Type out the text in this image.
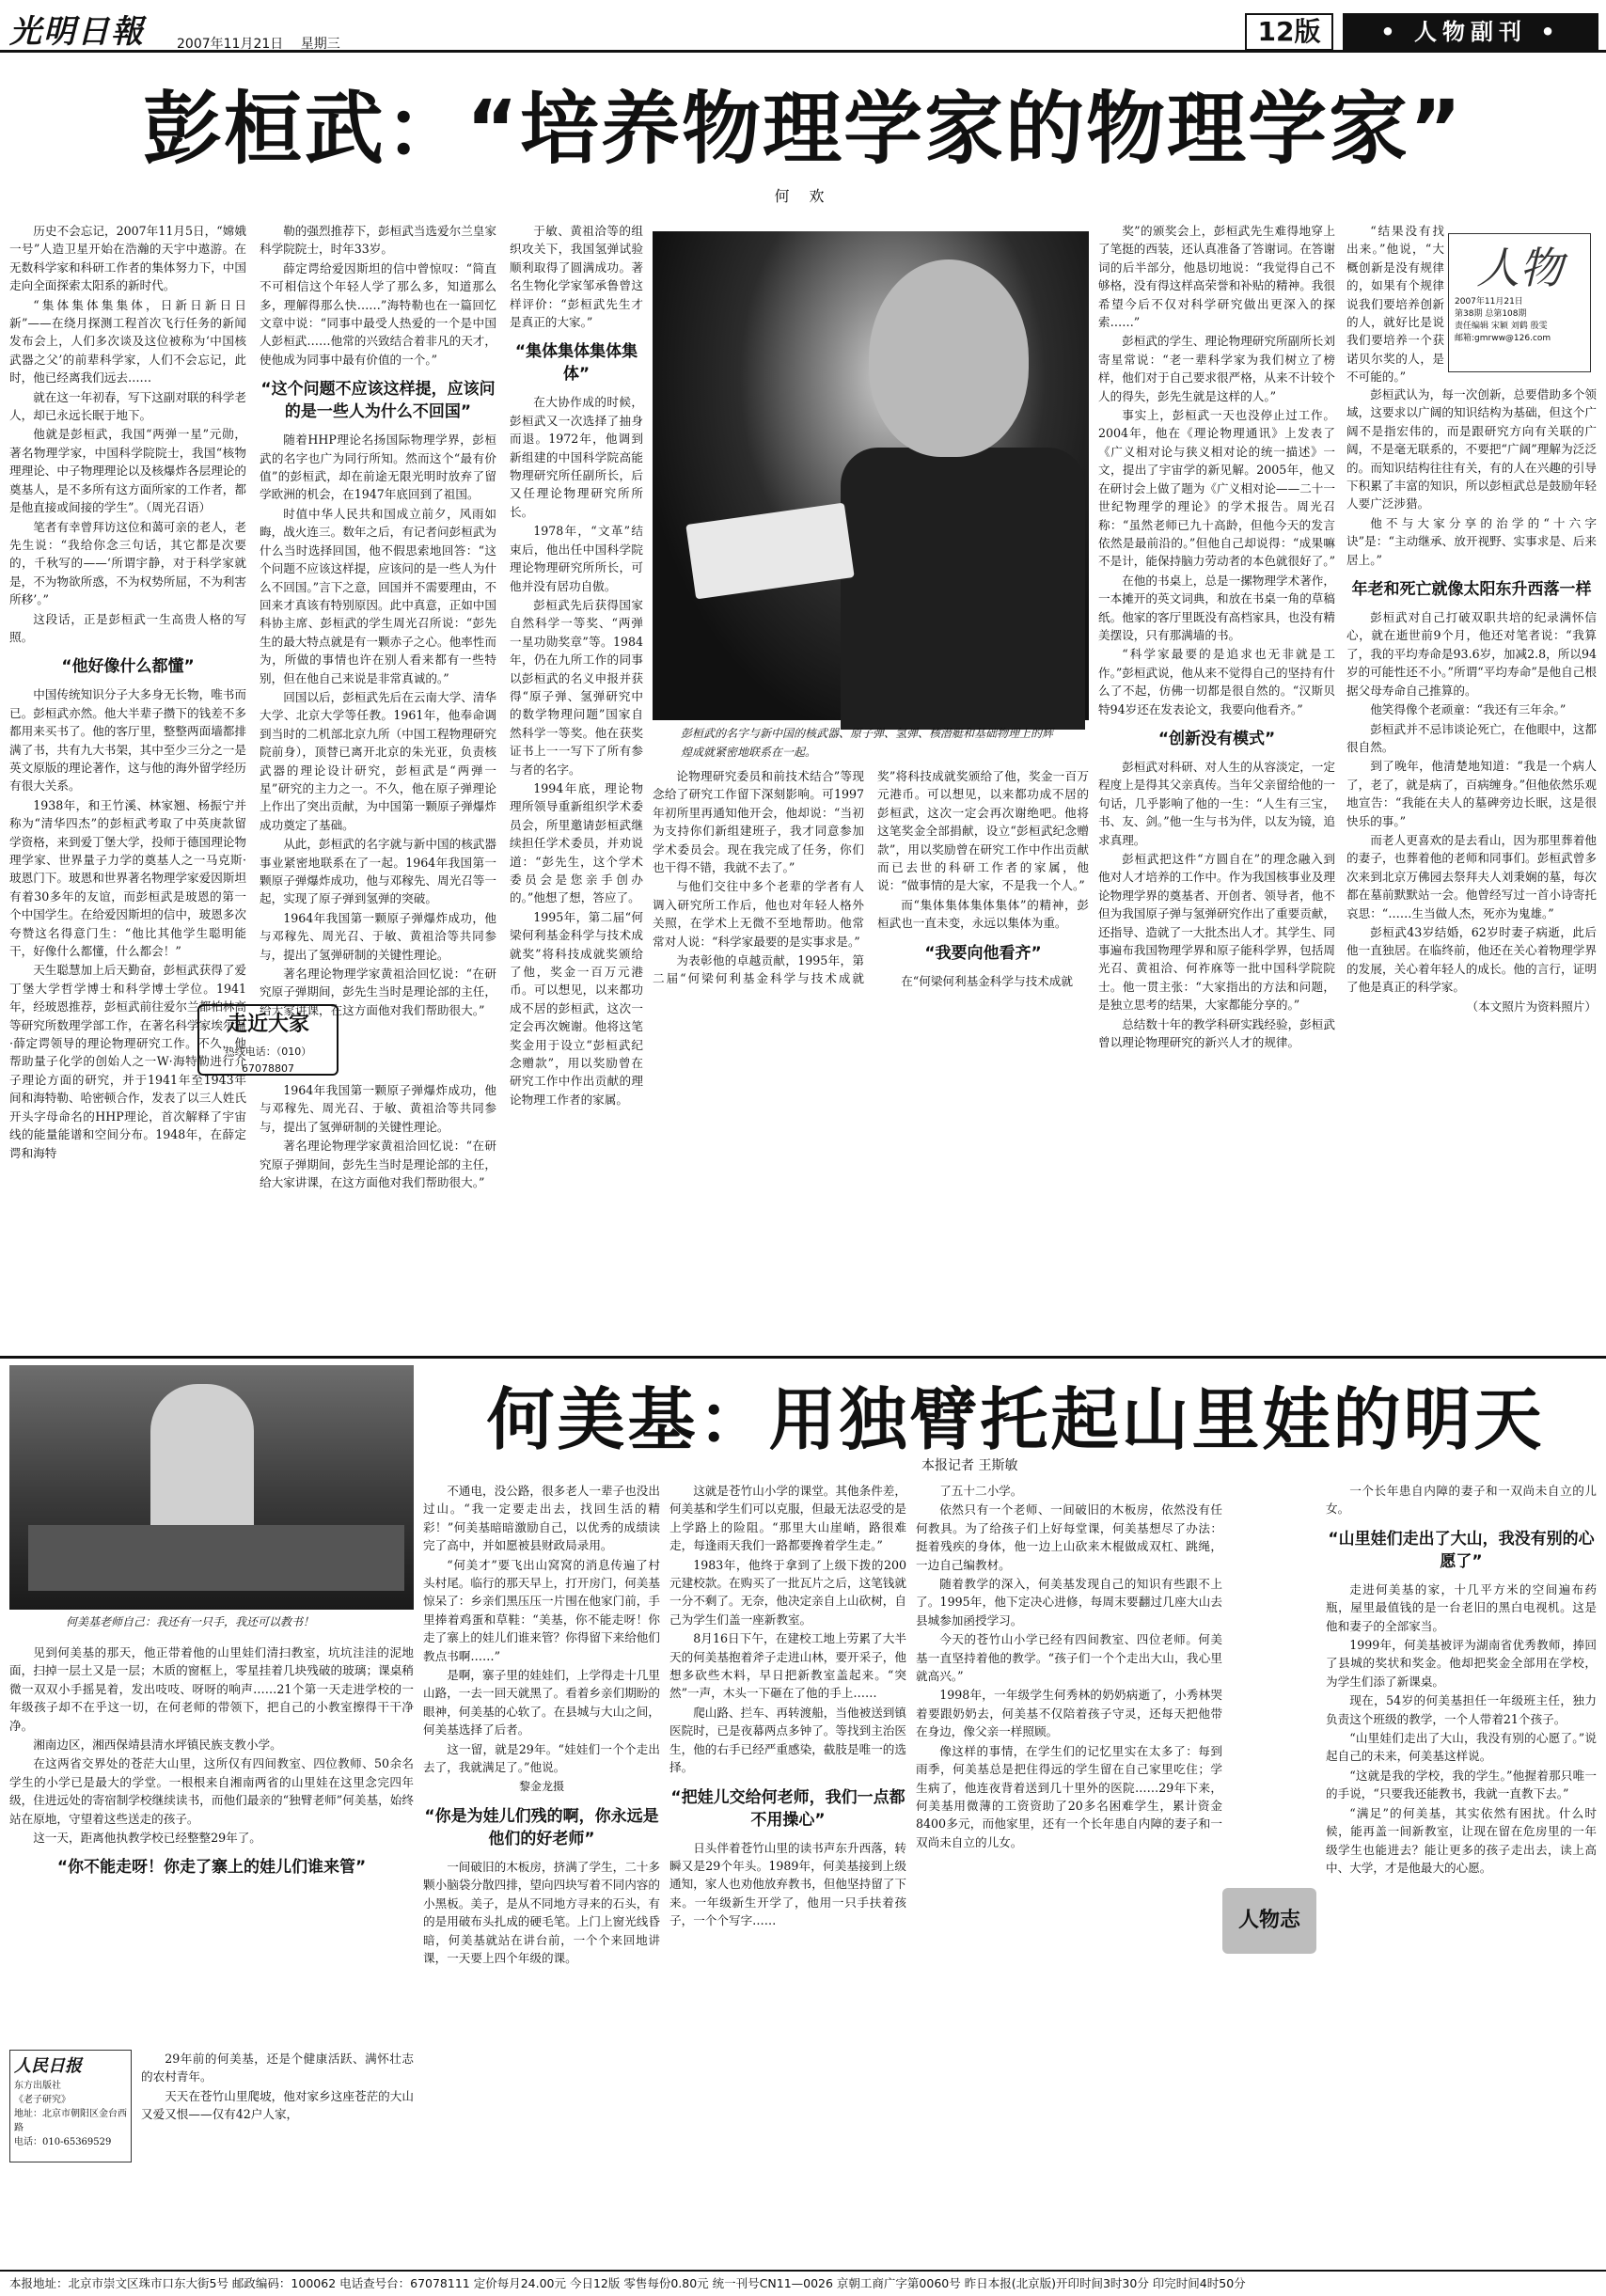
光明日報 2007年11月21日 星期三	12版	• 人物副刊 •
彭桓武：“培养物理学家的物理学家”
何 欢

历史不会忘记，2007年11月5日，“嫦娥一号”人造卫星开始在浩瀚的天宇中遨游。在无数科学家和科研工作者的集体努力下，中国走向全面探索太阳系的新时代。

“集体集体集集体，日新日新日日新”——在绕月探测工程首次飞行任务的新闻发布会上，人们多次谈及这位被称为‘中国核武器之父’的前辈科学家，人们不会忘记，此时，他已经离我们远去……

就在这一年初春，写下这副对联的科学老人，却已永远长眠于地下。

他就是彭桓武，我国“两弹一星”元勋，著名物理学家，中国科学院院士，我国“核物理理论、中子物理理论以及核爆炸各层理论的奠基人，是不多所有这方面所家的工作者，都是他直接或间接的学生”。（周光召语）

笔者有幸曾拜访这位和蔼可亲的老人，老先生说：“我给你念三句话，其它都是次要的，千秋写的——‘所谓宇静，对于科学家就是，不为物欲所惑，不为权势所屈，不为利害所移’。”

这段话，正是彭桓武一生高贵人格的写照。

“他好像什么都懂”

中国传统知识分子大多身无长物，唯书而已。彭桓武亦然。他大半辈子攒下的钱差不多都用来买书了。他的客厅里，整整两面墙都排满了书，共有九大书架，其中至少三分之一是英文原版的理论著作，这与他的海外留学经历有很大关系。

1938年，和王竹溪、林家翘、杨振宁并称为“清华四杰”的彭桓武考取了中英庚款留学资格，来到爱丁堡大学，投师于德国理论物理学家、世界量子力学的奠基人之一马克斯·玻恩门下。玻恩和世界著名物理学家爱因斯坦有着30多年的友谊，而彭桓武是玻恩的第一个中国学生。在给爱因斯坦的信中，玻恩多次夸赞这名得意门生：“他比其他学生聪明能干，好像什么都懂，什么都会！”

天生聪慧加上后天勤奋，彭桓武获得了爱丁堡大学哲学博士和科学博士学位。1941年，经玻恩推荐，彭桓武前往爱尔兰都柏林高等研究所数理学部工作，在著名科学家埃尔温·薛定谔领导的理论物理研究工作。不久，他帮助量子化学的创始人之一W·海特勒进行介子理论方面的研究，并于1941年至1943年间和海特勒、哈密顿合作，发表了以三人姓氏开头字母命名的HHP理论，首次解释了宇宙线的能量能谱和空间分布。1948年，在薛定谔和海特

勒的强烈推荐下，彭桓武当选爱尔兰皇家科学院院士，时年33岁。

薛定谔给爱因斯坦的信中曾惊叹：“简直不可相信这个年轻人学了那么多，知道那么多，理解得那么快……”海特勒也在一篇回忆文章中说：“同事中最受人热爱的一个是中国人彭桓武……他常的兴致结合着非凡的天才，使他成为同事中最有价值的一个。”

“这个问题不应该这样提，应该问的是一些人为什么不回国”

随着HHP理论名扬国际物理学界，彭桓武的名字也广为同行所知。然而这个“最有价值”的彭桓武，却在前途无限光明时放弃了留学欧洲的机会，在1947年底回到了祖国。

时值中华人民共和国成立前夕，风雨如晦，战火连三。数年之后，有记者问彭桓武为什么当时选择回国，他不假思索地回答：“这个问题不应该这样提，应该问的是一些人为什么不回国。”言下之意，回国并不需要理由，不回来才真该有特别原因。此中真意，正如中国科协主席、彭桓武的学生周光召所说：“彭先生的最大特点就是有一颗赤子之心。他率性而为，所做的事情也许在别人看来都有一些特别，但在他自己来说是非常真诚的。”

回国以后，彭桓武先后在云南大学、清华大学、北京大学等任教。1961年，他奉命调到当时的二机部北京九所（中国工程物理研究院前身），顶替已离开北京的朱光亚，负责核武器的理论设计研究，彭桓武是“两弹一星”研究的主力之一。不久，他在原子弹理论上作出了突出贡献，为中国第一颗原子弹爆炸成功奠定了基础。

从此，彭桓武的名字就与新中国的核武器事业紧密地联系在了一起。1964年我国第一颗原子弹爆炸成功，他与邓稼先、周光召等一起，实现了原子弹到氢弹的突破。

1964年我国第一颗原子弹爆炸成功，他与邓稼先、周光召、于敏、黄祖洽等共同参与，提出了氢弹研制的关键性理论。

著名理论物理学家黄祖洽回忆说：“在研究原子弹期间，彭先生当时是理论部的主任，给大家讲课，在这方面他对我们帮助很大。”

走近大家
热线电话：（010）67078807

1964年我国第一颗原子弹爆炸成功，他与邓稼先、周光召、于敏、黄祖洽等共同参与，提出了氢弹研制的关键性理论。

著名理论物理学家黄祖洽回忆说：“在研究原子弹期间，彭先生当时是理论部的主任，给大家讲课，在这方面他对我们帮助很大。”

于敏、黄祖洽等的组织攻关下，我国氢弹试验顺利取得了圆满成功。著名生物化学家邹承鲁曾这样评价：“彭桓武先生才是真正的大家。”

“集体集体集体集体”

在大协作成的时候，彭桓武又一次选择了抽身而退。1972年，他调到新组建的中国科学院高能物理研究所任副所长，后又任理论物理研究所所长。

1978年，“文革”结束后，他出任中国科学院理论物理研究所所长，可他并没有居功自傲。

彭桓武先后获得国家自然科学一等奖、“两弹一星功勋奖章”等。1984年，仍在九所工作的同事以彭桓武的名义申报并获得“原子弹、氢弹研究中的数学物理问题”国家自然科学一等奖。他在获奖证书上一一写下了所有参与者的名字。

1994年底，理论物理所领导重新组织学术委员会，所里邀请彭桓武继续担任学术委员，并劝说道：“彭先生，这个学术委员会是您亲手创办的。”他想了想，答应了。

1995年，第二届“何梁何利基金科学与技术成就奖”将科技成就奖颁给了他，奖金一百万元港币。可以想见，以来都功成不居的彭桓武，这次一定会再次婉谢。他将这笔奖金用于设立“彭桓武纪念赠款”，用以奖励曾在研究工作中作出贡献的理论物理工作者的家属。

彭桓武的名字与新中国的核武器、原子弹、氢弹、核潜艇和基础物理上的辉煌成就紧密地联系在一起。

论物理研究委员和前技术结合”等现念给了研究工作留下深刻影响。可1997年初所里再通知他开会，他却说：“当初为支持你们新组建班子，我才同意参加学术委员会。现在我完成了任务，你们也干得不错，我就不去了。”

与他们交往中多个老辈的学者有人调入研究所工作后，他也对年轻人格外关照，在学术上无微不至地帮助。他常常对人说：“科学家最要的是实事求是。”

为表彰他的卓越贡献，1995年，第二届“何梁何利基金科学与技术成就奖”将科技成就奖颁给了他，奖金一百万元港币。可以想见，以来都功成不居的彭桓武，这次一定会再次谢绝吧。他将这笔奖金全部捐献，设立“彭桓武纪念赠款”，用以奖励曾在研究工作中作出贡献而已去世的科研工作者的家属，他说：“做事情的是大家，不是我一个人。”

而“集体集体集体集体”的精神，彭桓武也一直未变，永远以集体为重。

“我要向他看齐”

在“何梁何利基金科学与技术成就

奖”的颁奖会上，彭桓武先生难得地穿上了笔挺的西装，还认真准备了答谢词。在答谢词的后半部分，他恳切地说：“我觉得自己不够格，没有得这样高荣誉和补贴的精神。我很希望今后不仅对科学研究做出更深入的探索……”

彭桓武的学生、理论物理研究所副所长刘寄星常说：“老一辈科学家为我们树立了榜样，他们对于自己要求很严格，从来不计较个人的得失，彭先生就是这样的人。”

事实上，彭桓武一天也没停止过工作。2004年，他在《理论物理通讯》上发表了《广义相对论与狭义相对论的统一描述》一文，提出了宇宙学的新见解。2005年，他又在研讨会上做了题为《广义相对论——二十一世纪物理学的理论》的学术报告。周光召称：“虽然老师已九十高龄，但他今天的发言依然是最前沿的。”但他自己却说得：“成果嘛不是计，能保持脑力劳动者的本色就很好了。”

在他的书桌上，总是一摞物理学术著作，一本摊开的英文词典，和放在书桌一角的草稿纸。他家的客厅里既没有高档家具，也没有精美摆设，只有那满墙的书。

“科学家最要的是追求也无非就是工作。”彭桓武说，他从来不觉得自己的坚持有什么了不起，仿佛一切都是很自然的。“汉斯贝特94岁还在发表论文，我要向他看齐。”

“创新没有模式”

彭桓武对科研、对人生的从容淡定，一定程度上是得其父亲真传。当年父亲留给他的一句话，几乎影响了他的一生：“人生有三宝，书、友、剑。”他一生与书为伴，以友为镜，追求真理。

彭桓武把这件“方圆自在”的理念融入到他对人才培养的工作中。作为我国核事业及理论物理学界的奠基者、开创者、领导者，他不但为我国原子弹与氢弹研究作出了重要贡献，还指导、造就了一大批杰出人才。其学生、同事遍布我国物理学界和原子能科学界，包括周光召、黄祖洽、何祚庥等一批中国科学院院士。他一贯主张：“大家指出的方法和问题，是独立思考的结果，大家都能分享的。”

总结数十年的教学科研实践经验，彭桓武曾以理论物理研究的新兴人才的规律。

“结果没有找出来。”他说，“大概创新是没有规律的，如果有个规律说我们要培养创新的人，就好比是说我们要培养一个获诺贝尔奖的人，是不可能的。”

人物
2007年11月21日
第38期 总第108期
责任编辑 宋颖 刘鹤 殷雯
邮箱:gmrww@126.com

彭桓武认为，每一次创新，总要借助多个领域，这要求以广阔的知识结构为基础，但这个广阔不是指宏伟的，而是跟研究方向有关联的广阔，不是毫无联系的，不要把“广阔”理解为泛泛的。而知识结构往往有关，有的人在兴趣的引导下积累了丰富的知识，所以彭桓武总是鼓励年轻人要广泛涉猎。

他不与大家分享的治学的“十六字诀”是：“主动继承、放开视野、实事求是、后来居上。”

年老和死亡就像太阳东升西落一样

彭桓武对自己打破双职共培的纪录满怀信心，就在逝世前9个月，他还对笔者说：“我算了，我的平均寿命是93.6岁，加减2.8，所以94岁的可能性还不小。”所谓“平均寿命”是他自己根据父母寿命自己推算的。

他笑得像个老顽童：“我还有三年余。”

彭桓武并不忌讳谈论死亡，在他眼中，这都很自然。

到了晚年，他清楚地知道：“我是一个病人了，老了，就是病了，百病缠身。”但他依然乐观地宣告：“我能在夫人的墓碑旁边长眠，这是很快乐的事。”

而老人更喜欢的是去看山，因为那里葬着他的妻子，也葬着他的老师和同事们。彭桓武曾多次来到北京万佛园去祭拜夫人刘秉娴的墓，每次都在墓前默默站一会。他曾经写过一首小诗寄托哀思：“……生当做人杰，死亦为鬼雄。”

彭桓武43岁结婚，62岁时妻子病逝，此后他一直独居。在临终前，他还在关心着物理学界的发展，关心着年轻人的成长。他的言行，证明了他是真正的科学家。

（本文照片为资料照片）
何美基老师自己：我还有一只手，我还可以教书！
何美基：用独臂托起山里娃的明天
本报记者 王斯敏

见到何美基的那天，他正带着他的山里娃们清扫教室，坑坑洼洼的泥地面，扫掉一层土又是一层；木质的窗框上，零星挂着几块残破的玻璃；课桌稍微一双双小手摇晃着，发出吱吱、呀呀的响声……21个第一天走进学校的一年级孩子却不在乎这一切，在何老师的带领下，把自己的小教室擦得干干净净。

湘南边区，湘西保靖县清水坪镇民族支教小学。

在这两省交界处的苍茫大山里，这所仅有四间教室、四位教师、50余名学生的小学已是最大的学堂。一根根来自湘南两省的山里娃在这里念完四年级，住进远处的寄宿制学校继续读书，而他们最亲的“独臂老师”何美基，始终站在原地，守望着这些送走的孩子。

这一天，距离他执教学校已经整整29年了。

“你不能走呀！你走了寨上的娃儿们谁来管”
人民日报
东方出版社
《老子研究》
地址：北京市朝阳区金台西路
电话：010-65369529

29年前的何美基，还是个健康活跃、满怀壮志的农村青年。

天天在苍竹山里爬坡，他对家乡这座苍茫的大山又爱又恨——仅有42户人家，

不通电，没公路，很多老人一辈子也没出过山。“我一定要走出去，找回生活的精彩！”何美基暗暗激励自己，以优秀的成绩读完了高中，并如愿被县财政局录用。

“何美才”要飞出山窝窝的消息传遍了村头村尾。临行的那天早上，打开房门，何美基惊呆了：乡亲们黑压压一片围在他家门前，手里捧着鸡蛋和草鞋：“美基，你不能走呀！你走了寨上的娃儿们谁来管？你得留下来给他们教点书啊……”

是啊，寨子里的娃娃们，上学得走十几里山路，一去一回天就黑了。看着乡亲们期盼的眼神，何美基的心软了。在县城与大山之间，何美基选择了后者。

这一留，就是29年。“娃娃们一个个走出去了，我就满足了。”他说。

黎金龙摄
“你是为娃儿们残的啊，你永远是他们的好老师”

一间破旧的木板房，挤满了学生，二十多颗小脑袋分散四排，望向四块写着不同内容的小黑板。美子，是从不同地方寻来的石头，有的是用破布头扎成的硬毛笔。上门上窗光线昏暗，何美基就站在讲台前，一个个来回地讲课，一天要上四个年级的课。

这就是苍竹山小学的课堂。其他条件差，何美基和学生们可以克服，但最无法忍受的是上学路上的险阻。“那里大山崖峭，路很难走，每逢雨天我们一路都要搀着学生走。”

1983年，他终于拿到了上级下拨的200元建校款。在购买了一批瓦片之后，这笔钱就一分不剩了。无奈，他决定亲自上山砍树，自己为学生们盖一座新教室。

8月16日下午，在建校工地上劳累了大半天的何美基抱着斧子走进山林，要开采子，他想多砍些木料，早日把新教室盖起来。“突然”一声，木头一下砸在了他的手上……

爬山路、拦车、再转渡船，当他被送到镇医院时，已是夜幕两点多钟了。等找到主治医生，他的右手已经严重感染，截肢是唯一的选择。

“把娃儿交给何老师，我们一点都不用操心”

日头伴着苍竹山里的读书声东升西落，转瞬又是29个年头。1989年，何美基接到上级通知，家人也劝他放弃教书，但他坚持留了下来。一年级新生开学了，他用一只手扶着孩子，一个个写字……

了五十二小学。

依然只有一个老师、一间破旧的木板房，依然没有任何教具。为了给孩子们上好每堂课，何美基想尽了办法：挺着残疾的身体，他一边上山砍来木棍做成双杠、跳绳，一边自己编教材。

随着教学的深入，何美基发现自己的知识有些跟不上了。1995年，他下定决心进修，每周末要翻过几座大山去县城参加函授学习。

今天的苍竹山小学已经有四间教室、四位老师。何美基一直坚持着他的教学。“孩子们一个个走出大山，我心里就高兴。”

1998年，一年级学生何秀林的奶奶病逝了，小秀林哭着要跟奶奶去，何美基不仅陪着孩子守灵，还每天把他带在身边，像父亲一样照顾。

像这样的事情，在学生们的记忆里实在太多了：每到雨季，何美基总是把住得远的学生留在自己家里吃住；学生病了，他连夜背着送到几十里外的医院……29年下来，何美基用微薄的工资资助了20多名困难学生，累计资金8400多元，而他家里，还有一个长年患自内障的妻子和一双尚未自立的儿女。

人物志

一个长年患自内障的妻子和一双尚未自立的儿女。

“山里娃们走出了大山，我没有别的心愿了”

走进何美基的家，十几平方米的空间遍布药瓶，屋里最值钱的是一台老旧的黑白电视机。这是他和妻子的全部家当。

1999年，何美基被评为湖南省优秀教师，捧回了县城的奖状和奖金。他却把奖金全部用在学校，为学生们添了新课桌。

现在，54岁的何美基担任一年级班主任，独力负责这个班级的教学，一个人带着21个孩子。

“山里娃们走出了大山，我没有别的心愿了。”说起自己的未来，何美基这样说。

“这就是我的学校，我的学生。”他握着那只唯一的手说，“只要我还能教书，我就一直教下去。”

“满足”的何美基，其实依然有困扰。什么时候，能再盖一间新教室，让现在留在危房里的一年级学生也能进去？能让更多的孩子走出去，读上高中、大学，才是他最大的心愿。

本报地址：北京市崇文区珠市口东大街5号 邮政编码：100062 电话查号台：67078111 定价每月24.00元 今日12版 零售每份0.80元 统一刊号CN11—0026 京朝工商广字第0060号 昨日本报(北京版)开印时间3时30分 印完时间4时50分
